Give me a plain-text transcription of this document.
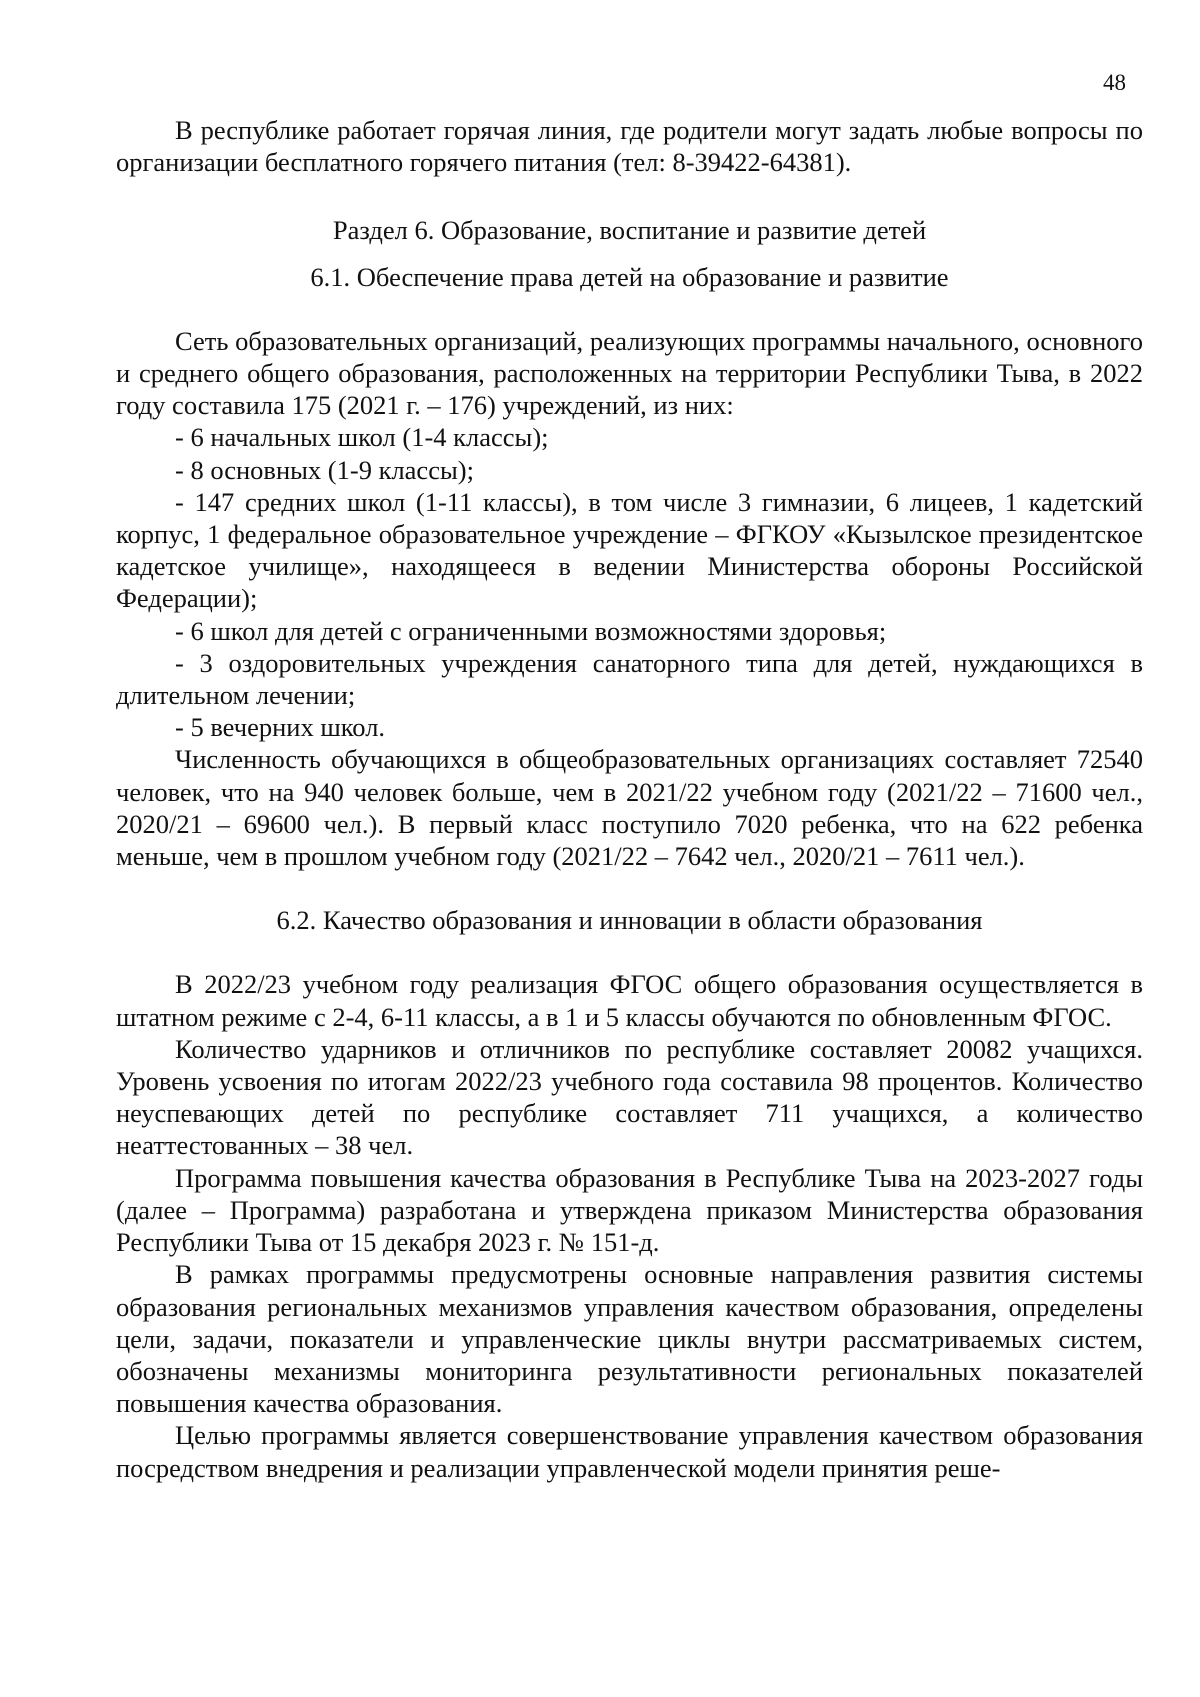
48

В республике работает горячая линия, где родители могут задать любые вопросы по организации бесплатного горячего питания (тел: 8-39422-64381).

Раздел 6. Образование, воспитание и развитие детей

6.1. Обеспечение права детей на образование и развитие

Сеть образовательных организаций, реализующих программы начального, основного и среднего общего образования, расположенных на территории Республики Тыва, в 2022 году составила 175 (2021 г. – 176) учреждений, из них:

- 6 начальных школ (1-4 классы);

- 8 основных (1-9 классы);

- 147 средних школ (1-11 классы), в том числе 3 гимназии, 6 лицеев, 1 кадетский корпус, 1 федеральное образовательное учреждение – ФГКОУ «Кызылское президентское кадетское училище», находящееся в ведении Министерства обороны Российской Федерации);

- 6 школ для детей с ограниченными возможностями здоровья;

- 3 оздоровительных учреждения санаторного типа для детей, нуждающихся в длительном лечении;

- 5 вечерних школ.

Численность обучающихся в общеобразовательных организациях составляет 72540 человек, что на 940 человек больше, чем в 2021/22 учебном году (2021/22 – 71600 чел., 2020/21 – 69600 чел.). В первый класс поступило 7020 ребенка, что на 622 ребенка меньше, чем в прошлом учебном году (2021/22 – 7642 чел., 2020/21 – 7611 чел.).

6.2. Качество образования и инновации в области образования

В 2022/23 учебном году реализация ФГОС общего образования осуществляется в штатном режиме с 2-4, 6-11 классы, а в 1 и 5 классы обучаются по обновленным ФГОС.

Количество ударников и отличников по республике составляет 20082 учащихся. Уровень усвоения по итогам 2022/23 учебного года составила 98 процентов. Количество неуспевающих детей по республике составляет 711 учащихся, а количество неаттестованных – 38 чел.

Программа повышения качества образования в Республике Тыва на 2023-2027 годы (далее – Программа) разработана и утверждена приказом Министерства образования Республики Тыва от 15 декабря 2023 г. № 151-д.

В рамках программы предусмотрены основные направления развития системы образования региональных механизмов управления качеством образования, определены цели, задачи, показатели и управленческие циклы внутри рассматриваемых систем, обозначены механизмы мониторинга результативности региональных показателей повышения качества образования.

Целью программы является совершенствование управления качеством образования посредством внедрения и реализации управленческой модели принятия реше-
